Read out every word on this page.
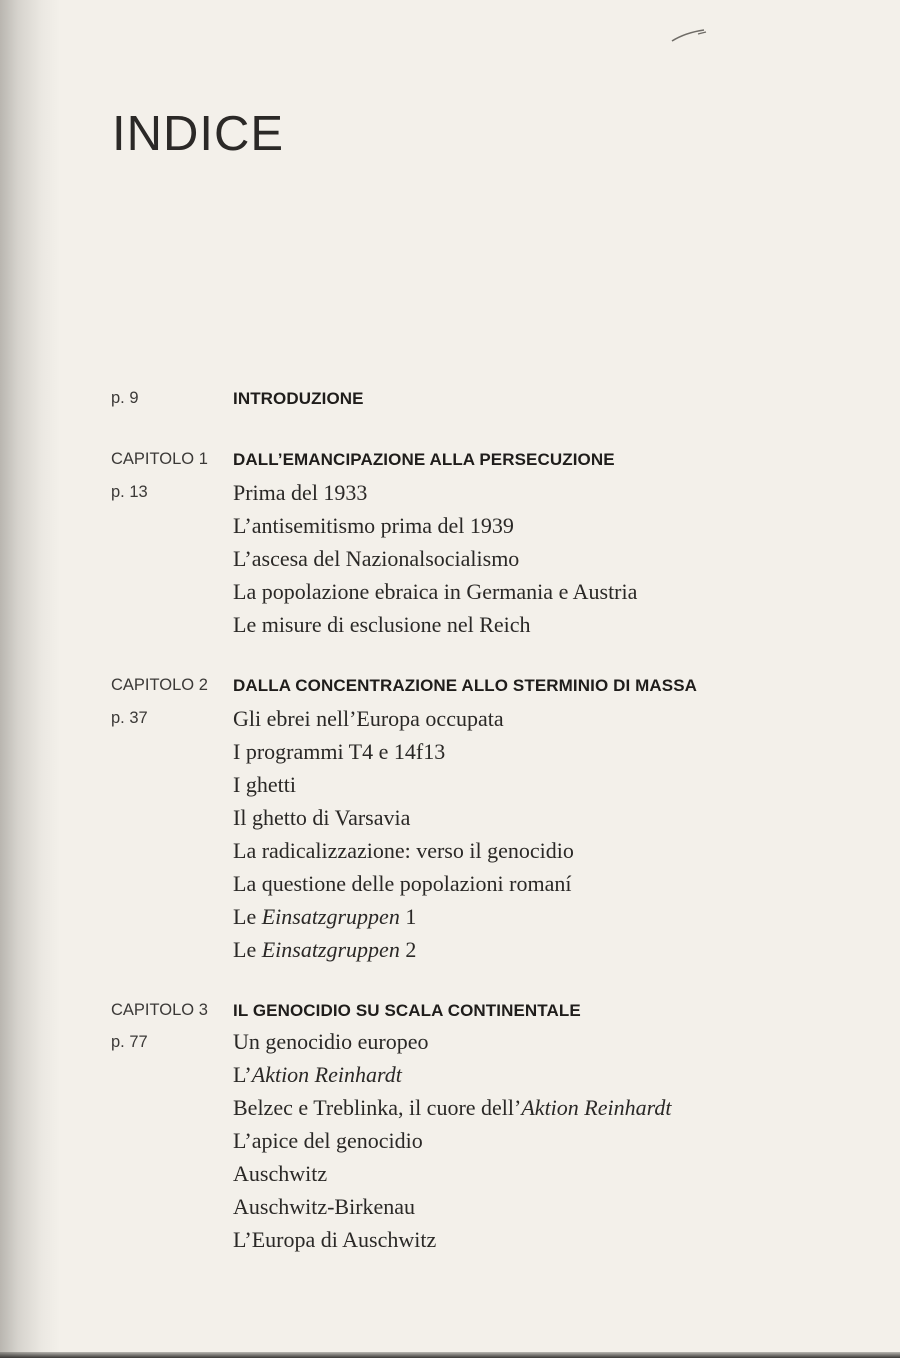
INDICE
p. 9	INTRODUZIONE
CAPITOLO 1 DALL’EMANCIPAZIONE ALLA PERSECUZIONE
p. 13	Prima del 1933
L’antisemitismo prima del 1939
L’ascesa del Nazionalsocialismo
La popolazione ebraica in Germania e Austria
Le misure di esclusione nel Reich
CAPITOLO 2 DALLA CONCENTRAZIONE ALLO STERMINIO DI MASSA
p. 37	Gli ebrei nell’Europa occupata
I programmi T4 e 14f13
I ghetti
Il ghetto di Varsavia
La radicalizzazione: verso il genocidio
La questione delle popolazioni romaní
Le Einsatzgruppen 1
Le Einsatzgruppen 2
CAPITOLO 3 IL GENOCIDIO SU SCALA CONTINENTALE
p. 77	Un genocidio europeo
L’Aktion Reinhardt
Belzec e Treblinka, il cuore dell’Aktion Reinhardt
L’apice del genocidio
Auschwitz
Auschwitz-Birkenau
L’Europa di Auschwitz
